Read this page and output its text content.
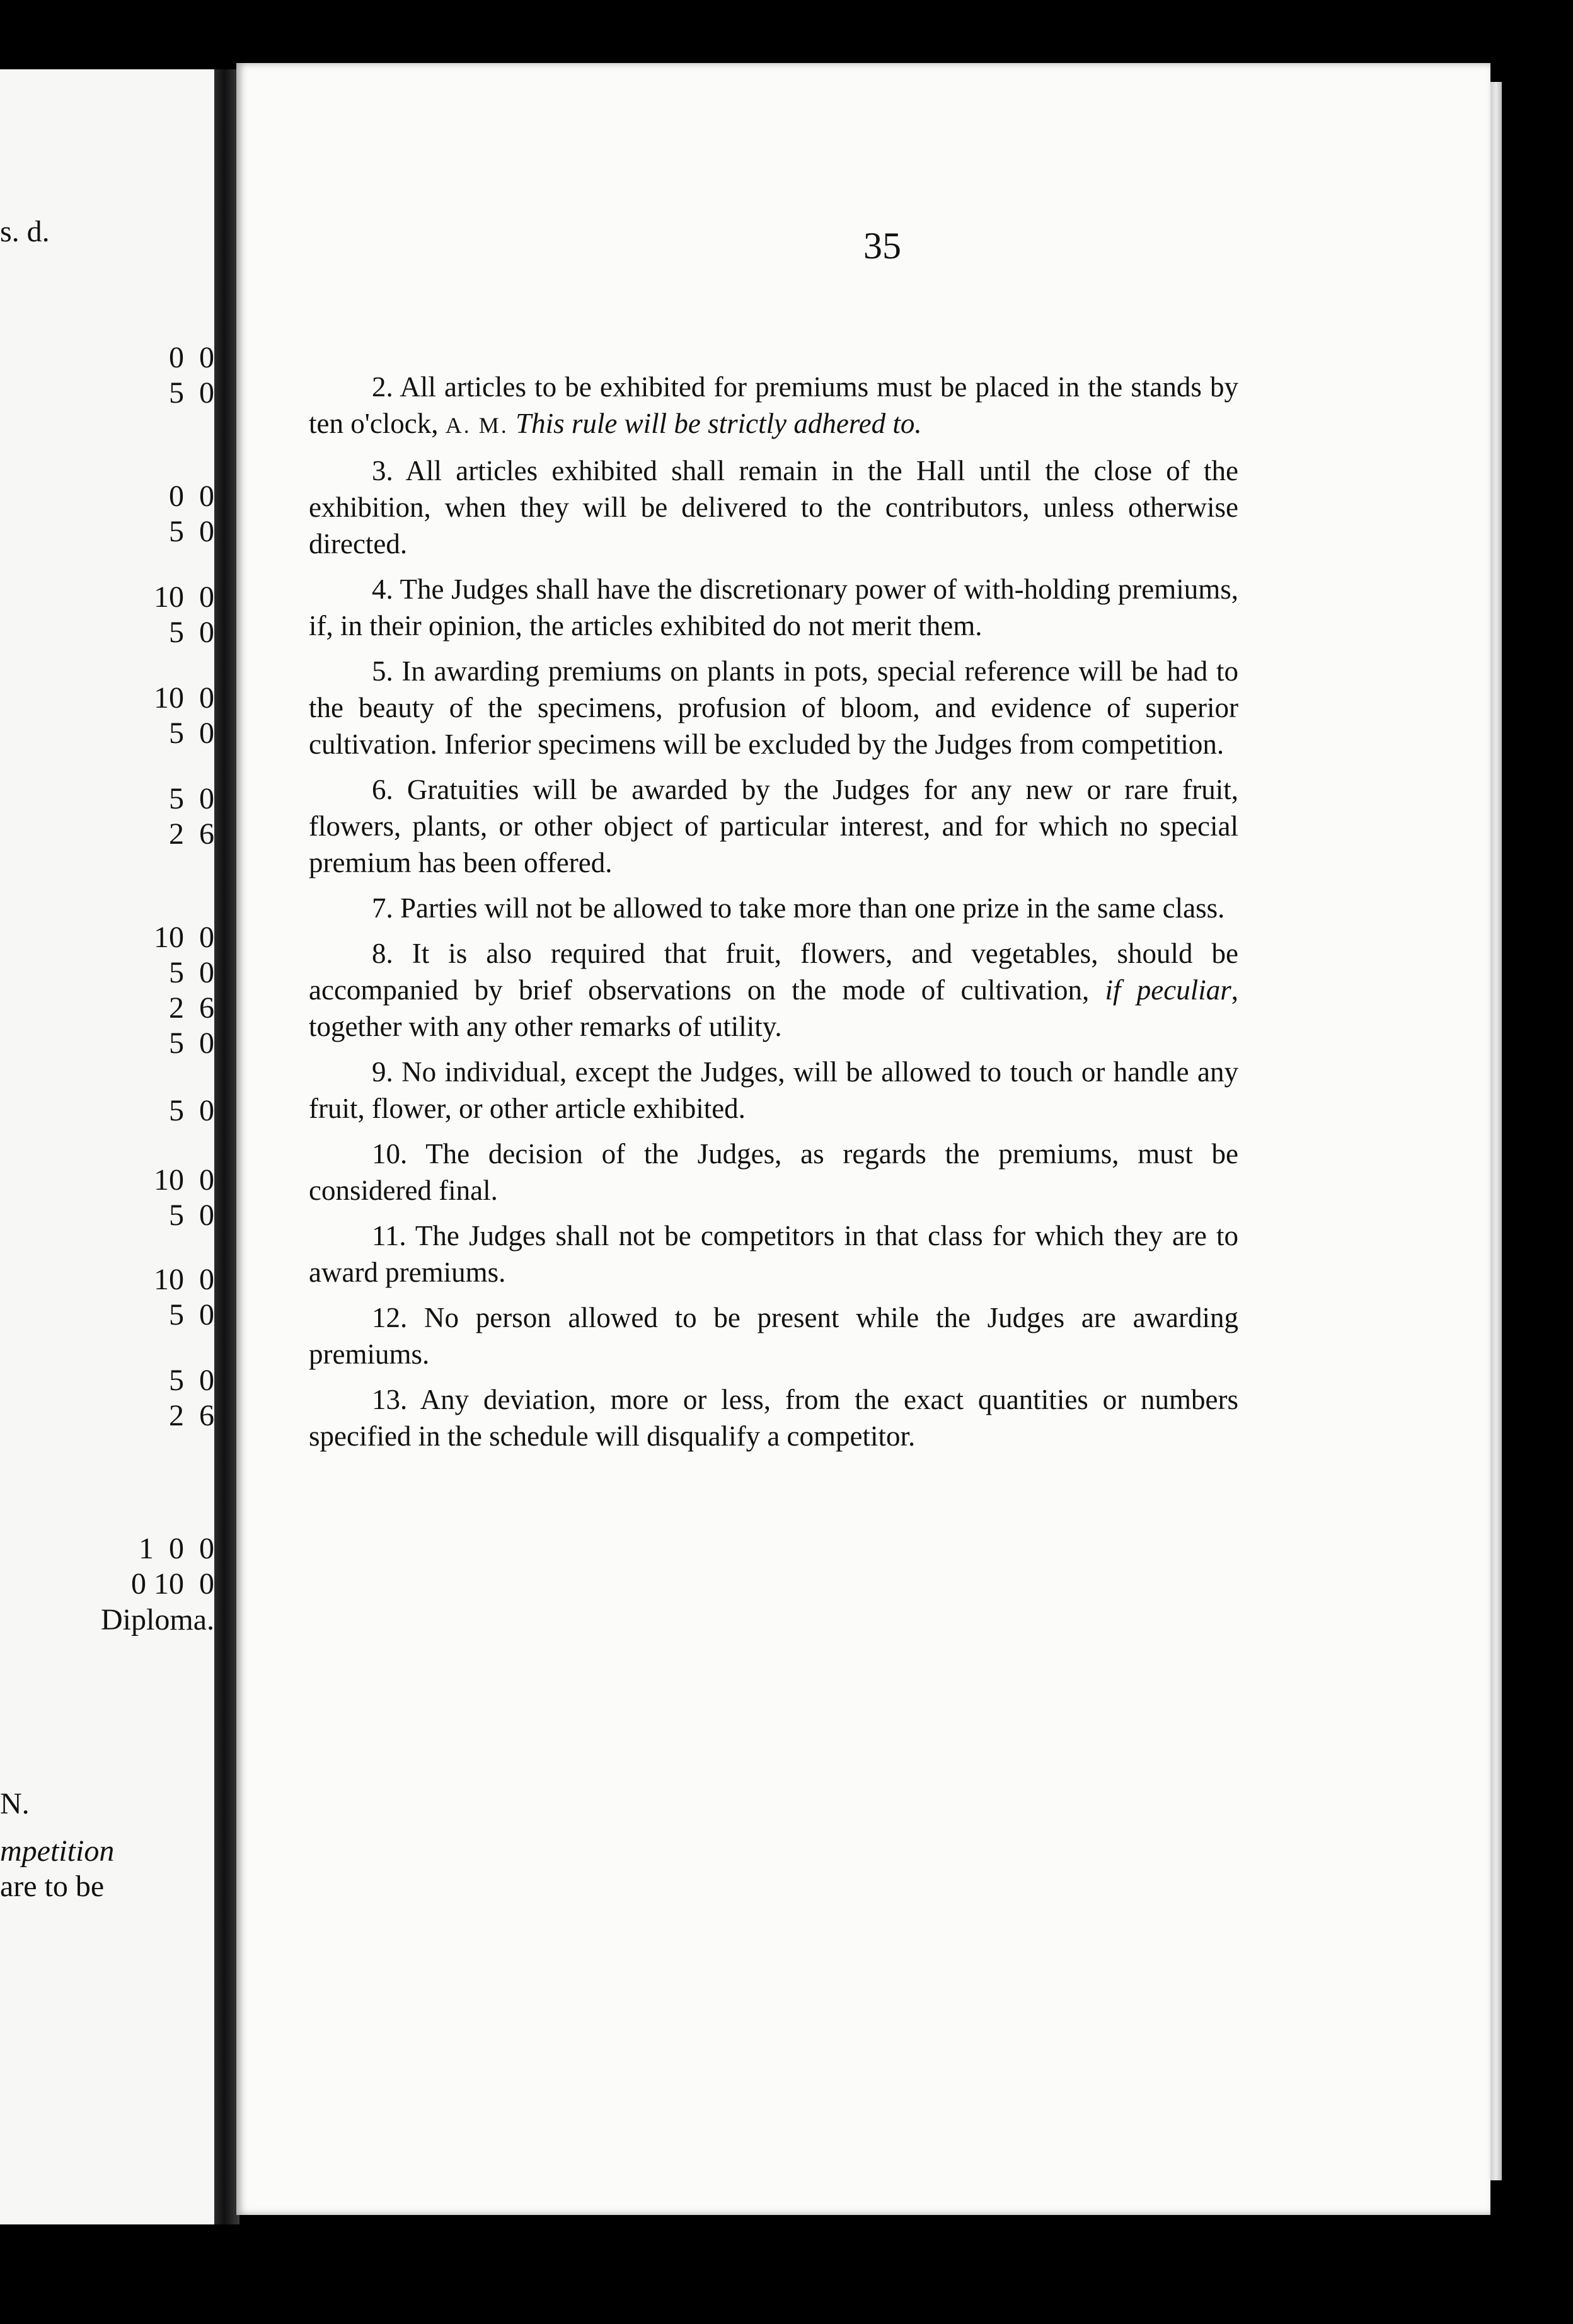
s. d.
0  0
5  0
0  0
5  0
10  0
5  0
10  0
5  0
5  0
2  6
10  0
5  0
2  6
5  0
5  0
10  0
5  0
10  0
5  0
5  0
2  6
1  0  0
0 10  0
Diploma.
N.
mpetition
are to be
35

2. All articles to be exhibited for premiums must be placed in the stands by ten o'clock, A. M. This rule will be strictly adhered to.

3. All articles exhibited shall remain in the Hall until the close of the exhibition, when they will be delivered to the contributors, unless otherwise directed.

4. The Judges shall have the discretionary power of with-holding premiums, if, in their opinion, the articles exhibited do not merit them.

5. In awarding premiums on plants in pots, special reference will be had to the beauty of the specimens, profusion of bloom, and evidence of superior cultivation. Inferior specimens will be excluded by the Judges from competition.

6. Gratuities will be awarded by the Judges for any new or rare fruit, flowers, plants, or other object of particular interest, and for which no special premium has been offered.

7. Parties will not be allowed to take more than one prize in the same class.

8. It is also required that fruit, flowers, and vegetables, should be accompanied by brief observations on the mode of cultivation, if peculiar, together with any other remarks of utility.

9. No individual, except the Judges, will be allowed to touch or handle any fruit, flower, or other article exhibited.

10. The decision of the Judges, as regards the premiums, must be considered final.

11. The Judges shall not be competitors in that class for which they are to award premiums.

12. No person allowed to be present while the Judges are awarding premiums.

13. Any deviation, more or less, from the exact quantities or numbers specified in the schedule will disqualify a competitor.
